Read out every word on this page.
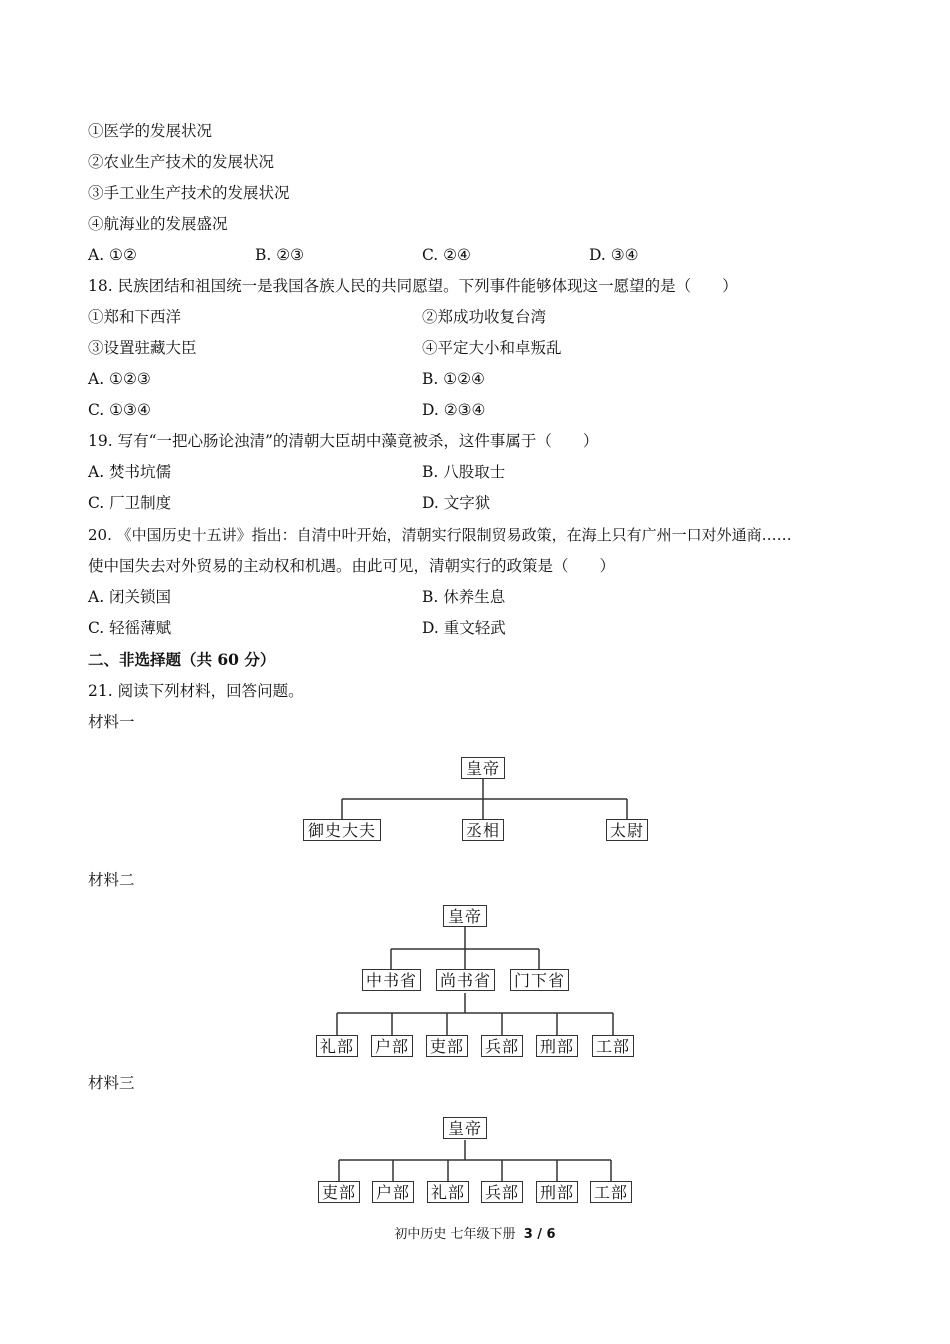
①医学的发展状况
②农业生产技术的发展状况
③手工业生产技术的发展状况
④航海业的发展盛况
A. ①②	B. ②③	C. ②④	D. ③④
18. 民族团结和祖国统一是我国各族人民的共同愿望。下列事件能够体现这一愿望的是（　　）
①郑和下西洋	②郑成功收复台湾
③设置驻藏大臣	④平定大小和卓叛乱
A. ①②③	B. ①②④
C. ①③④	D. ②③④
19. 写有“一把心肠论浊清”的清朝大臣胡中藻竟被杀，这件事属于（　　）
A. 焚书坑儒	B. 八股取士
C. 厂卫制度	D. 文字狱
20. 《中国历史十五讲》指出：自清中叶开始，清朝实行限制贸易政策，在海上只有广州一口对外通商……
使中国失去对外贸易的主动权和机遇。由此可见，清朝实行的政策是（　　）
A. 闭关锁国	B. 休养生息
C. 轻徭薄赋	D. 重文轻武
二、非选择题（共 60 分）
21. 阅读下列材料，回答问题。
材料一
皇帝
御史大夫	丞相	太尉
材料二
皇帝
中书省 尚书省 门下省
礼部 户部 吏部 兵部 刑部 工部
材料三
皇帝
吏部 户部 礼部 兵部 刑部 工部
初中历史 七年级下册 3 / 6
